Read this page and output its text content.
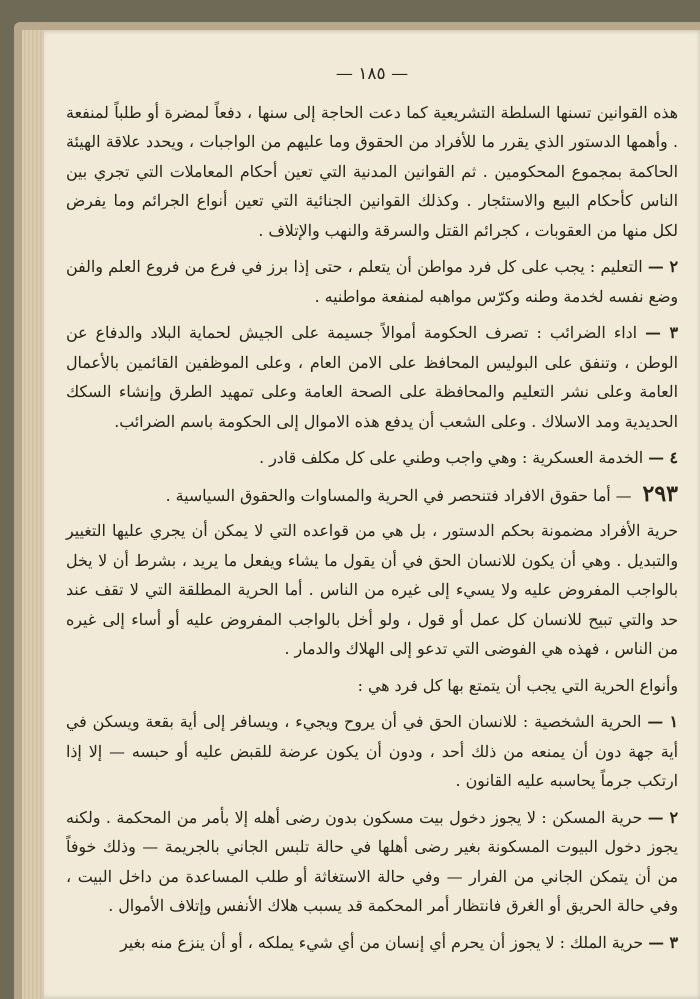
— ١٨٥ —

هذه القوانين تسنها السلطة التشريعية كما دعت الحاجة إلى سنها ، دفعاً لمضرة أو طلباً لمنفعة . وأهمها الدستور الذي يقرر ما للأفراد من الحقوق وما عليهم من الواجبات ، ويحدد علاقة الهيئة الحاكمة بمجموع المحكومين . ثم القوانين المدنية التي تعين أحكام المعاملات التي تجري بين الناس كأحكام البيع والاستئجار . وكذلك القوانين الجنائية التي تعين أنواع الجرائم وما يفرض لكل منها من العقوبات ، كجرائم القتل والسرقة والنهب والإتلاف .

٢ — التعليم : يجب على كل فرد مواطن أن يتعلم ، حتى إذا برز في فرع من فروع العلم والفن وضع نفسه لخدمة وطنه وكرّس مواهبه لمنفعة مواطنيه .
٣ — اداء الضرائب : تصرف الحكومة أموالاً جسيمة على الجيش لحماية البلاد والدفاع عن الوطن ، وتنفق على البوليس المحافظ على الامن العام ، وعلى الموظفين القائمين بالأعمال العامة وعلى نشر التعليم والمحافظة على الصحة العامة وعلى تمهيد الطرق وإنشاء السكك الحديدية ومد الاسلاك . وعلى الشعب أن يدفع هذه الاموال إلى الحكومة باسم الضرائب.
٤ — الخدمة العسكرية : وهي واجب وطني على كل مكلف قادر .
٢٩٣ — أما حقوق الافراد فتنحصر في الحرية والمساوات والحقوق السياسية .

حرية الأفراد مضمونة بحكم الدستور ، بل هي من قواعده التي لا يمكن أن يجري عليها التغيير والتبديل . وهي أن يكون للانسان الحق في أن يقول ما يشاء ويفعل ما يريد ، بشرط أن لا يخل بالواجب المفروض عليه ولا يسيء إلى غيره من الناس . أما الحرية المطلقة التي لا تقف عند حد والتي تبيح للانسان كل عمل أو قول ، ولو أخل بالواجب المفروض عليه أو أساء إلى غيره من الناس ، فهذه هي الفوضى التي تدعو إلى الهلاك والدمار .

وأنواع الحرية التي يجب أن يتمتع بها كل فرد هي :

١ — الحرية الشخصية : للانسان الحق في أن يروح ويجيء ، ويسافر إلى أية بقعة ويسكن في أية جهة دون أن يمنعه من ذلك أحد ، ودون أن يكون عرضة للقبض عليه أو حبسه — إلا إذا ارتكب جرماً يحاسبه عليه القانون .
٢ — حرية المسكن : لا يجوز دخول بيت مسكون بدون رضى أهله إلا بأمر من المحكمة . ولكنه يجوز دخول البيوت المسكونة بغير رضى أهلها في حالة تلبس الجاني بالجريمة — وذلك خوفاً من أن يتمكن الجاني من الفرار — وفي حالة الاستغاثة أو طلب المساعدة من داخل البيت ، وفي حالة الحريق أو الغرق فانتظار أمر المحكمة قد يسبب هلاك الأنفس وإتلاف الأموال .
٣ — حرية الملك : لا يجوز أن يحرم أي إنسان من أي شيء يملكه ، أو أن ينزع منه بغير
